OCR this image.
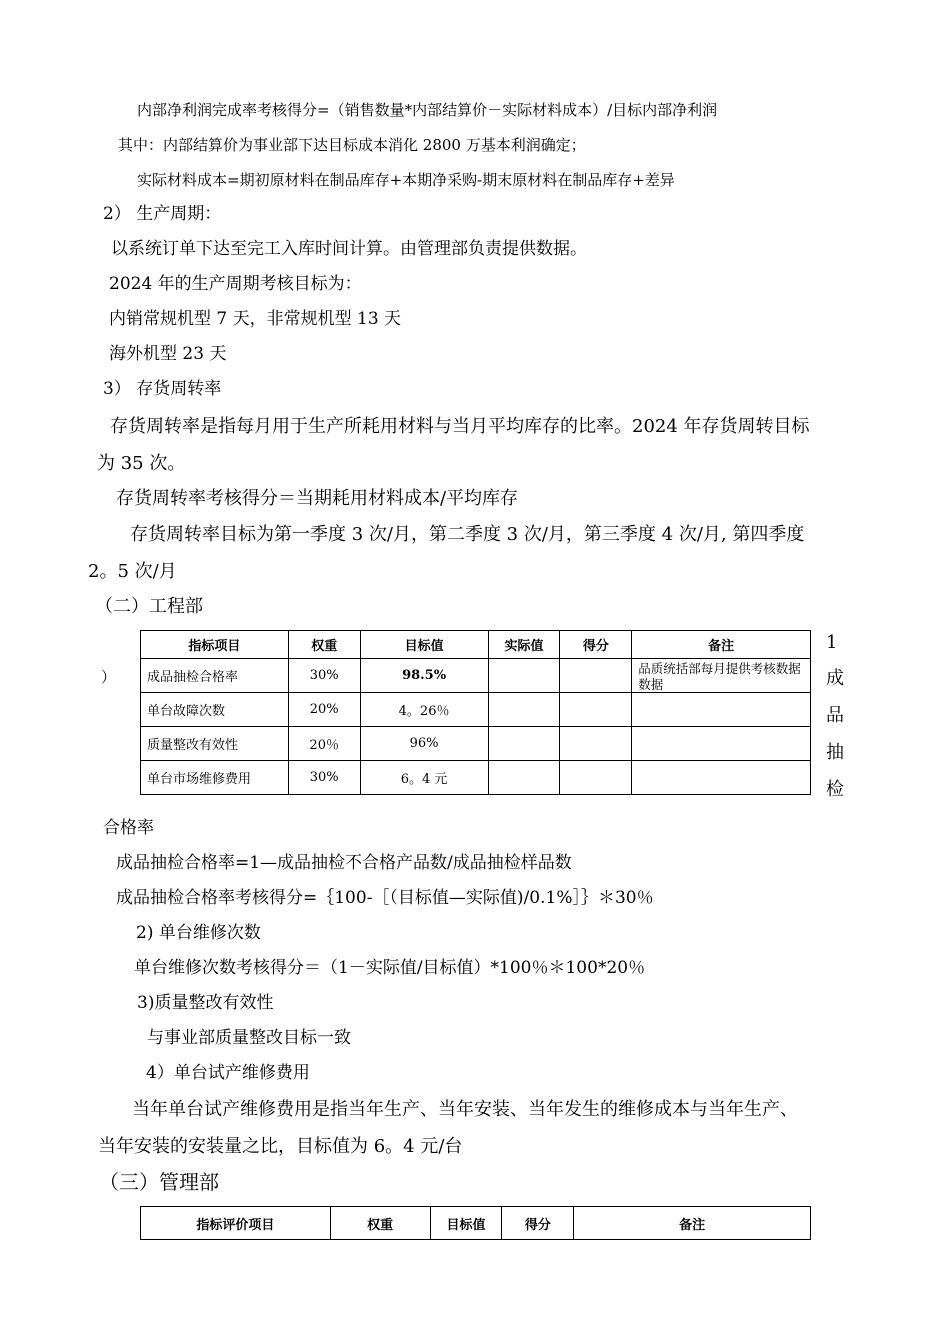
内部净利润完成率考核得分=（销售数量*内部结算价－实际材料成本）/目标内部净利润
其中：内部结算价为事业部下达目标成本消化 2800 万基本利润确定；
实际材料成本=期初原材料在制品库存+本期净采购-期末原材料在制品库存+差异
2） 生产周期：
以系统订单下达至完工入库时间计算。由管理部负责提供数据。
2024 年的生产周期考核目标为：
内销常规机型 7 天，非常规机型 13 天
海外机型 23 天
3） 存货周转率
存货周转率是指每月用于生产所耗用材料与当月平均库存的比率。2024 年存货周转目标
为 35 次。
存货周转率考核得分＝当期耗用材料成本/平均库存
存货周转率目标为第一季度 3 次/月，第二季度 3 次/月，第三季度 4 次/月, 第四季度
2。5 次/月
（二）工程部
）
指标项目	权重	目标值	实际值	得分	备注
成品抽检合格率	30%	98.5%			品质统括部每月提供考核数据数据

单台故障次数	20%	4。26％			
质量整改有效性	20％	96%			
单台市场维修费用	30%	6。4 元			
1
成
品
抽
检
合格率
成品抽检合格率=1—成品抽检不合格产品数/成品抽检样品数
成品抽检合格率考核得分=｛100-［（目标值—实际值)/0.1%］｝＊30％
2) 单台维修次数
单台维修次数考核得分＝（1－实际值/目标值）*100％＊100*20％
3)质量整改有效性
与事业部质量整改目标一致
4）单台试产维修费用
当年单台试产维修费用是指当年生产、当年安装、当年发生的维修成本与当年生产、
当年安装的安装量之比，目标值为 6。4 元/台
（三）管理部
指标评价项目	权重	目标值	得分	备注
